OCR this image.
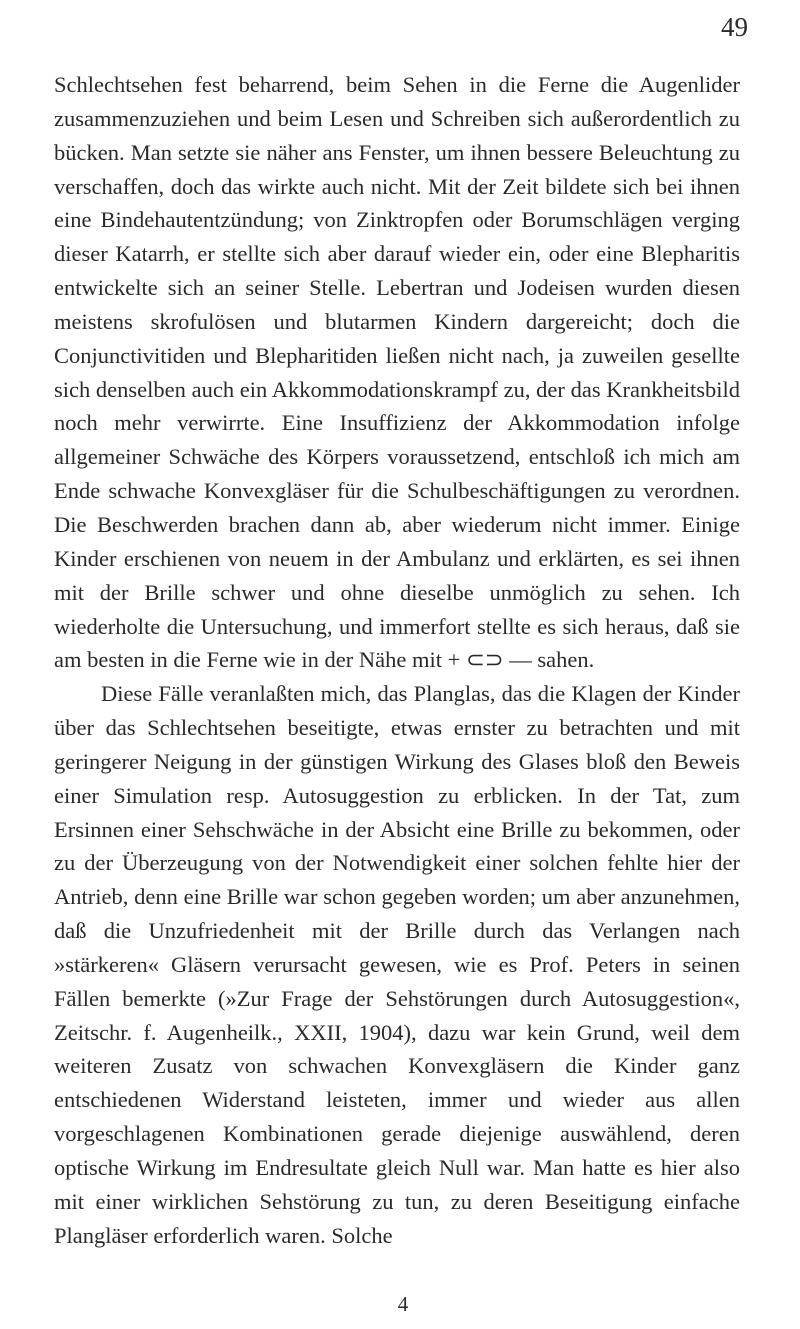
49

Schlechtsehen fest beharrend, beim Sehen in die Ferne die Augenlider zusammenzuziehen und beim Lesen und Schreiben sich außerordentlich zu bücken. Man setzte sie näher ans Fenster, um ihnen bessere Beleuchtung zu verschaffen, doch das wirkte auch nicht. Mit der Zeit bildete sich bei ihnen eine Bindehautentzündung; von Zinktropfen oder Borumschlägen verging dieser Katarrh, er stellte sich aber darauf wieder ein, oder eine Blepharitis entwickelte sich an seiner Stelle. Lebertran und Jodeisen wurden diesen meistens skrofulösen und blutarmen Kindern dargereicht; doch die Conjunctivitiden und Blepharitiden ließen nicht nach, ja zuweilen gesellte sich denselben auch ein Akkommodationskrampf zu, der das Krankheitsbild noch mehr verwirrte. Eine Insuffizienz der Akkommodation infolge allgemeiner Schwäche des Körpers voraussetzend, entschloß ich mich am Ende schwache Konvexgläser für die Schulbeschäftigungen zu verordnen. Die Beschwerden brachen dann ab, aber wiederum nicht immer. Einige Kinder erschienen von neuem in der Ambulanz und erklärten, es sei ihnen mit der Brille schwer und ohne dieselbe unmöglich zu sehen. Ich wiederholte die Untersuchung, und immerfort stellte es sich heraus, daß sie am besten in die Ferne wie in der Nähe mit + ⊂⊃ — sahen.

Diese Fälle veranlaßten mich, das Planglas, das die Klagen der Kinder über das Schlechtsehen beseitigte, etwas ernster zu betrachten und mit geringerer Neigung in der günstigen Wirkung des Glases bloß den Beweis einer Simulation resp. Autosuggestion zu erblicken. In der Tat, zum Ersinnen einer Sehschwäche in der Absicht eine Brille zu bekommen, oder zu der Überzeugung von der Notwendigkeit einer solchen fehlte hier der Antrieb, denn eine Brille war schon gegeben worden; um aber anzunehmen, daß die Unzufriedenheit mit der Brille durch das Verlangen nach »stärkeren« Gläsern verursacht gewesen, wie es Prof. Peters in seinen Fällen bemerkte (»Zur Frage der Sehstörungen durch Autosuggestion«, Zeitschr. f. Augenheilk., XXII, 1904), dazu war kein Grund, weil dem weiteren Zusatz von schwachen Konvexgläsern die Kinder ganz entschiedenen Widerstand leisteten, immer und wieder aus allen vorgeschlagenen Kombinationen gerade diejenige auswählend, deren optische Wirkung im Endresultate gleich Null war. Man hatte es hier also mit einer wirklichen Sehstörung zu tun, zu deren Beseitigung einfache Plangläser erforderlich waren. Solche

4
